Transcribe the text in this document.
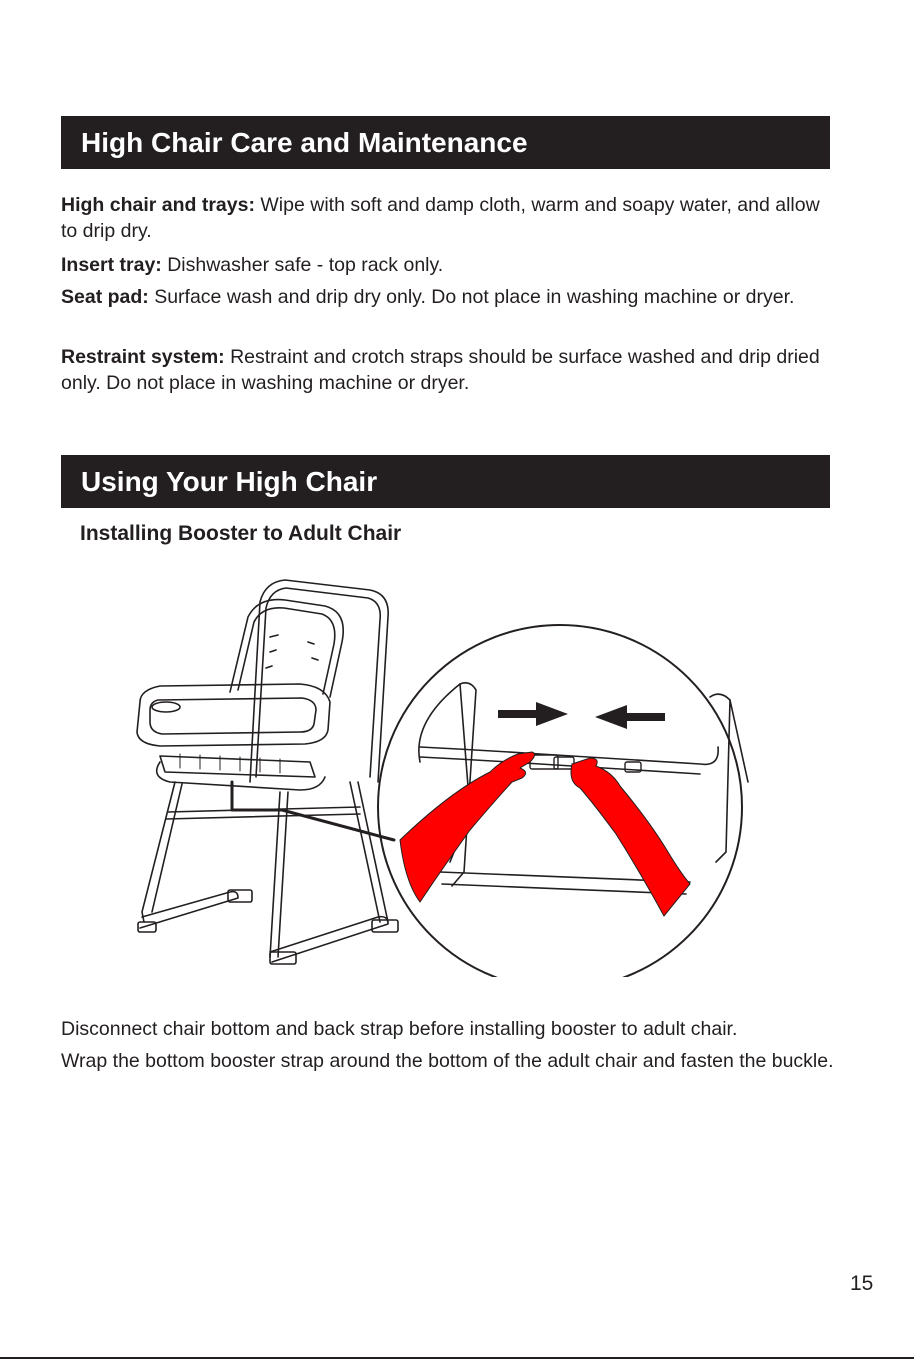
High Chair Care and Maintenance

High chair and trays: Wipe with soft and damp cloth, warm and soapy water, and allow to drip dry.

Insert tray: Dishwasher safe - top rack only.

Seat pad: Surface wash and drip dry only. Do not place in washing machine or dryer.

Restraint system: Restraint and crotch straps should be surface washed and drip dried only. Do not place in washing machine or dryer.

Using Your High Chair
Installing Booster to Adult Chair

Disconnect chair bottom and back strap before installing booster to adult chair.

Wrap the bottom booster strap around the bottom of the adult chair and fasten the buckle.

15
